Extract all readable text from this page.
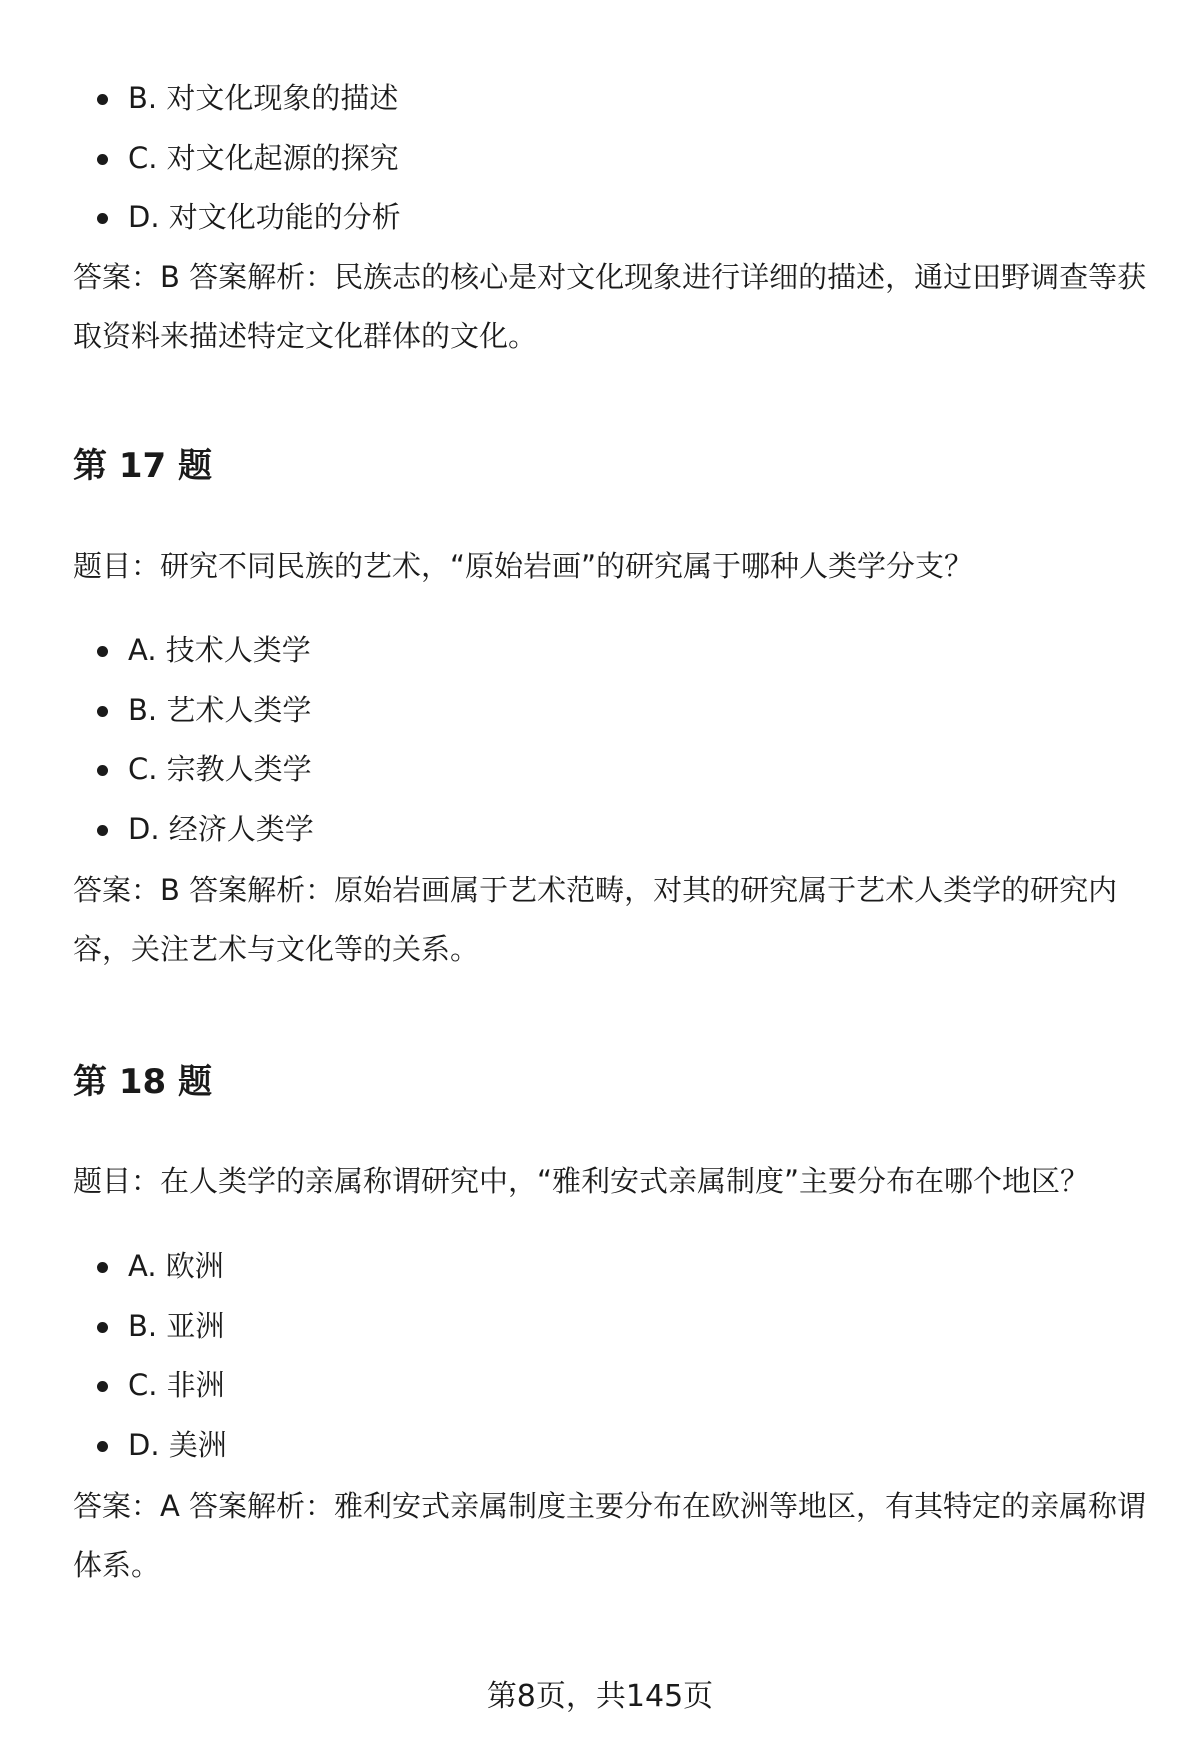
B. 对文化现象的描述
C. 对文化起源的探究
D. 对文化功能的分析

答案：B 答案解析：民族志的核心是对文化现象进行详细的描述，通过田野调查等获取资料来描述特定文化群体的文化。

第 17 题

题目：研究不同民族的艺术，“原始岩画”的研究属于哪种人类学分支？

A. 技术人类学
B. 艺术人类学
C. 宗教人类学
D. 经济人类学

答案：B 答案解析：原始岩画属于艺术范畴，对其的研究属于艺术人类学的研究内容，关注艺术与文化等的关系。

第 18 题

题目：在人类学的亲属称谓研究中，“雅利安式亲属制度”主要分布在哪个地区？

A. 欧洲
B. 亚洲
C. 非洲
D. 美洲

答案：A 答案解析：雅利安式亲属制度主要分布在欧洲等地区，有其特定的亲属称谓体系。

第8页，共145页
